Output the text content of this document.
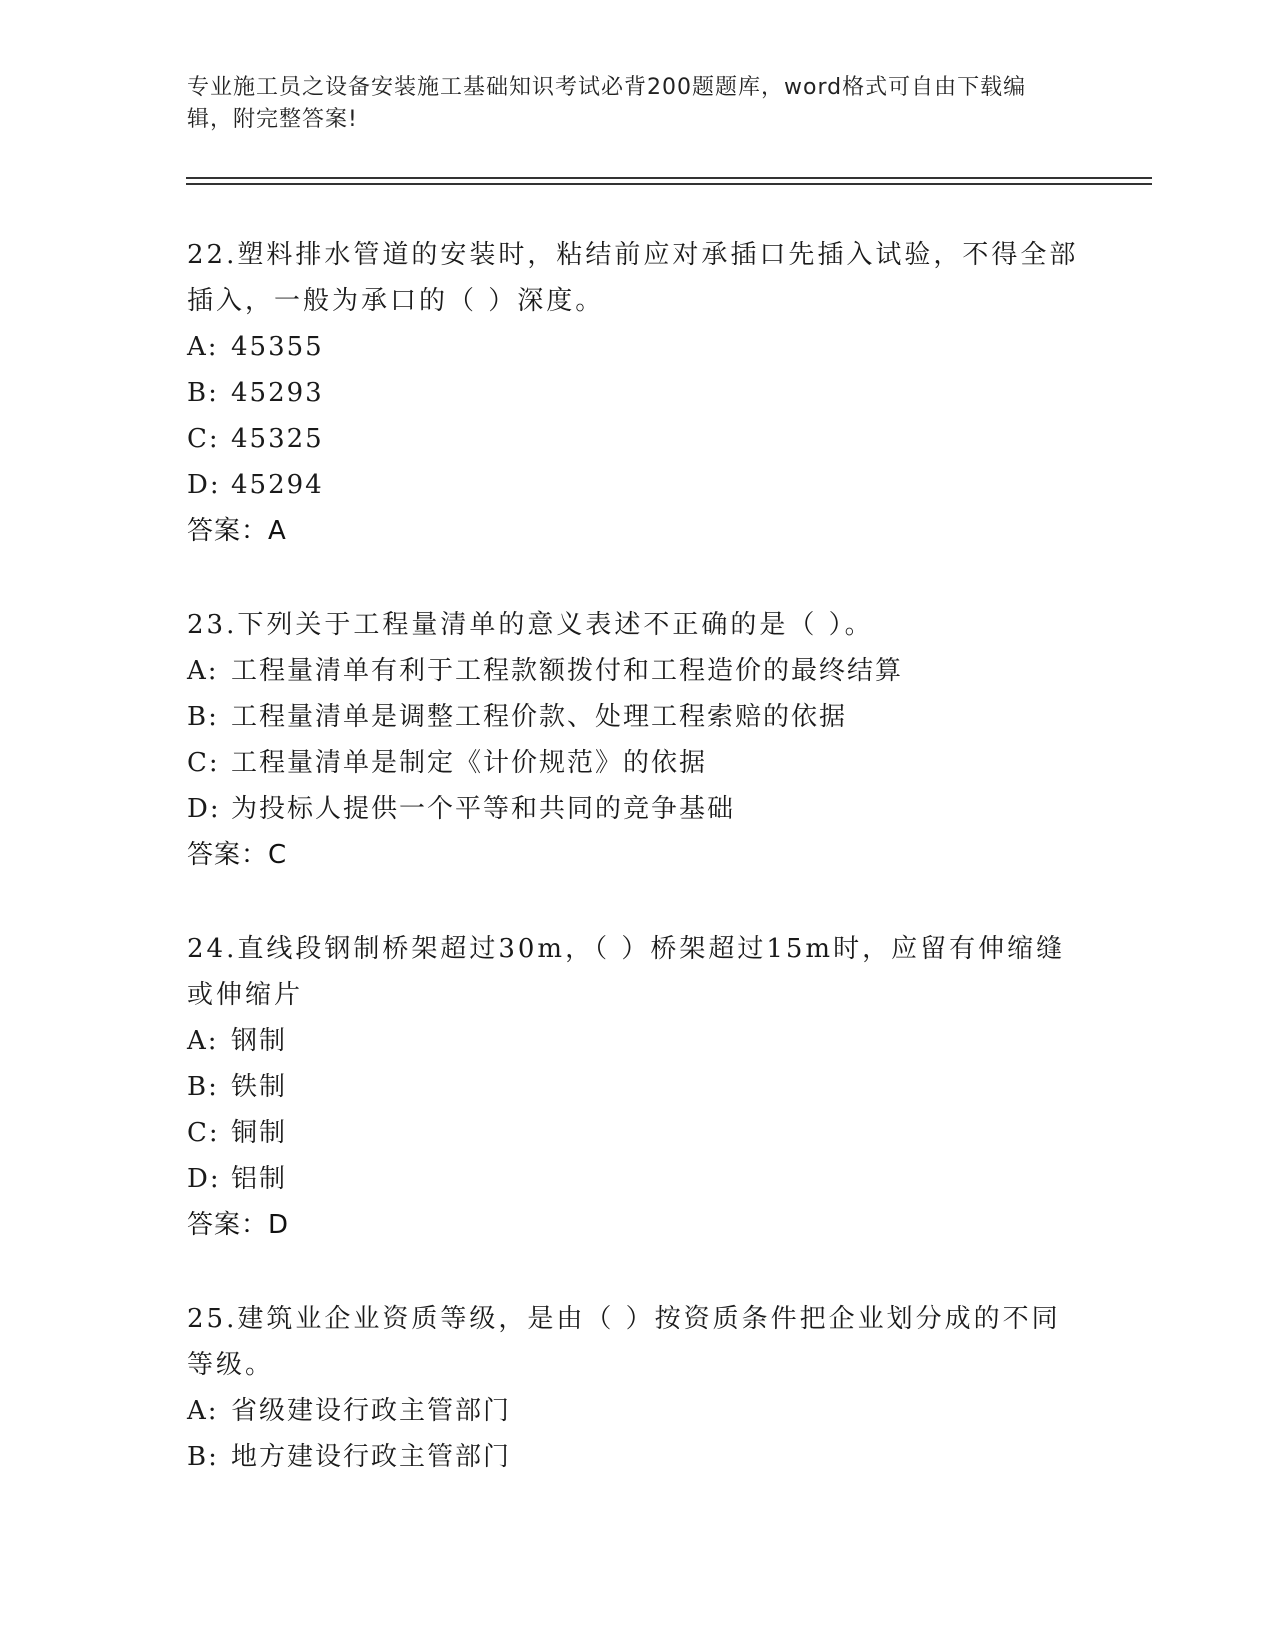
专业施工员之设备安装施工基础知识考试必背200题题库，word格式可自由下载编辑，附完整答案!
22.塑料排水管道的安装时，粘结前应对承插口先插入试验，不得全部插入，一般为承口的（ ）深度。
A: 45355
B: 45293
C: 45325
D: 45294
答案：A
23.下列关于工程量清单的意义表述不正确的是（ ）。
A: 工程量清单有利于工程款额拨付和工程造价的最终结算
B: 工程量清单是调整工程价款、处理工程索赔的依据
C: 工程量清单是制定《计价规范》的依据
D: 为投标人提供一个平等和共同的竞争基础
答案：C
24.直线段钢制桥架超过30m，（ ）桥架超过15m时，应留有伸缩缝或伸缩片
A: 钢制
B: 铁制
C: 铜制
D: 铝制
答案：D
25.建筑业企业资质等级，是由（ ）按资质条件把企业划分成的不同等级。
A: 省级建设行政主管部门
B: 地方建设行政主管部门
